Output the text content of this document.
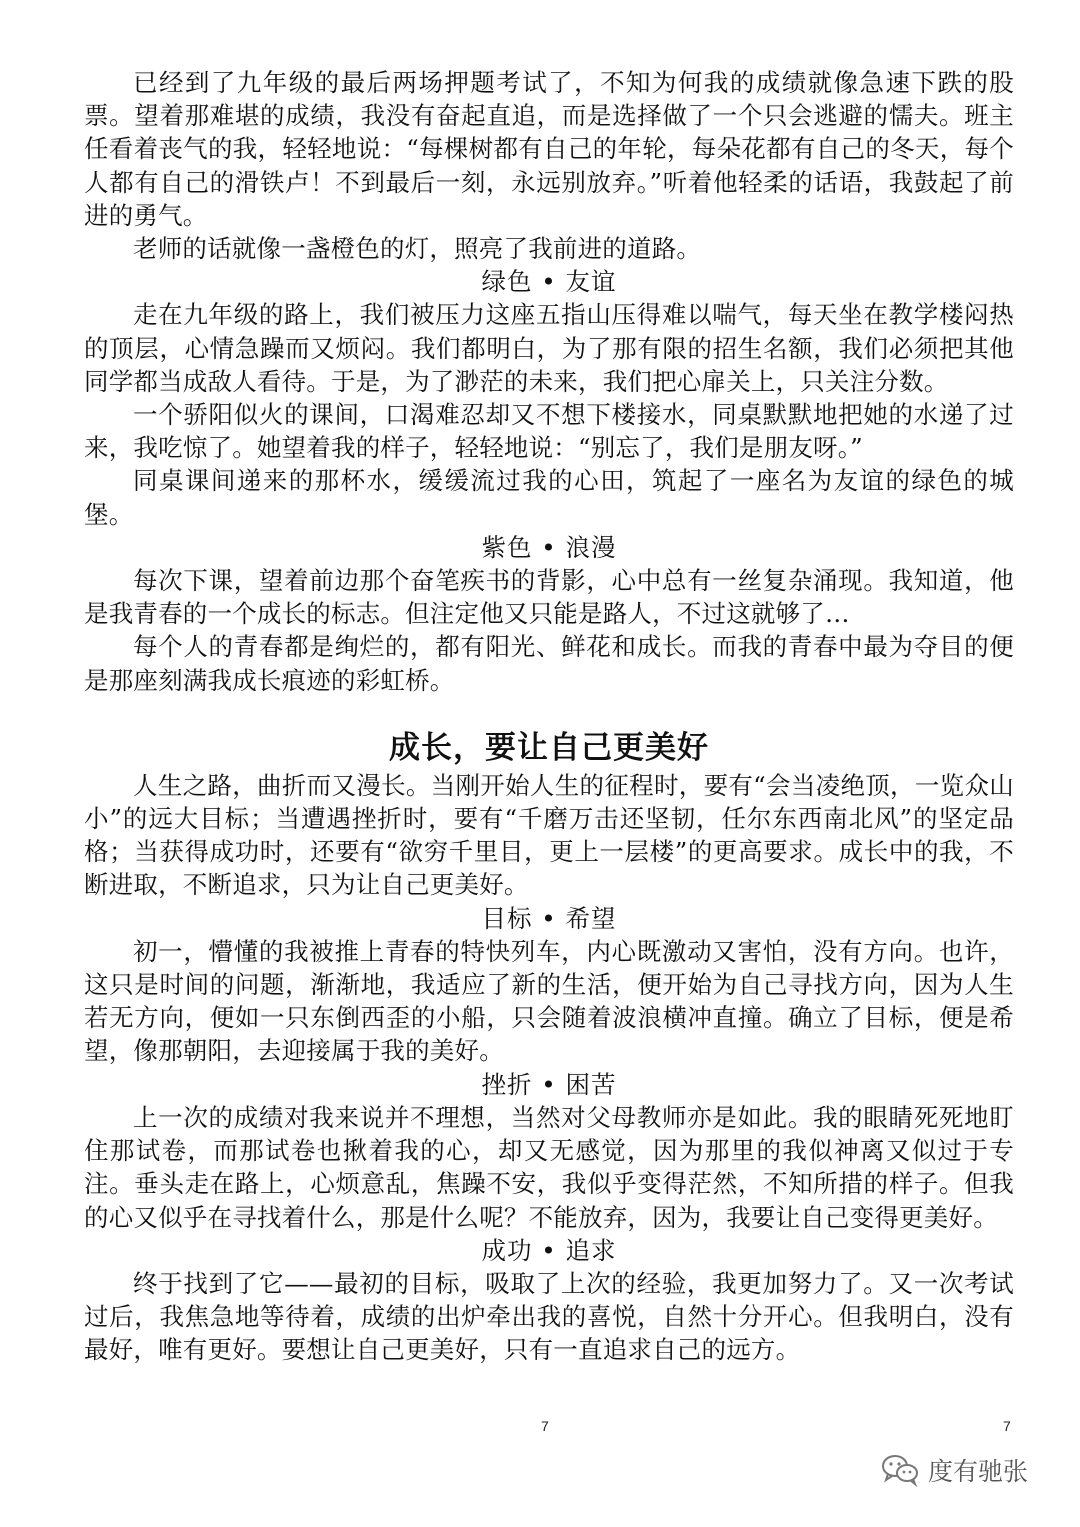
已经到了九年级的最后两场押题考试了，不知为何我的成绩就像急速下跌的股票。望着那难堪的成绩，我没有奋起直追，而是选择做了一个只会逃避的懦夫。班主任看着丧气的我，轻轻地说：“每棵树都有自己的年轮，每朵花都有自己的冬天，每个人都有自己的滑铁卢！不到最后一刻，永远别放弃。”听着他轻柔的话语，我鼓起了前进的勇气。

老师的话就像一盏橙色的灯，照亮了我前进的道路。

绿色 • 友谊

走在九年级的路上，我们被压力这座五指山压得难以喘气，每天坐在教学楼闷热的顶层，心情急躁而又烦闷。我们都明白，为了那有限的招生名额，我们必须把其他同学都当成敌人看待。于是，为了渺茫的未来，我们把心扉关上，只关注分数。

一个骄阳似火的课间，口渴难忍却又不想下楼接水，同桌默默地把她的水递了过来，我吃惊了。她望着我的样子，轻轻地说：“别忘了，我们是朋友呀。”

同桌课间递来的那杯水，缓缓流过我的心田，筑起了一座名为友谊的绿色的城堡。

紫色 • 浪漫

每次下课，望着前边那个奋笔疾书的背影，心中总有一丝复杂涌现。我知道，他是我青春的一个成长的标志。但注定他又只能是路人，不过这就够了…

每个人的青春都是绚烂的，都有阳光、鲜花和成长。而我的青春中最为夺目的便是那座刻满我成长痕迹的彩虹桥。

成长，要让自己更美好

人生之路，曲折而又漫长。当刚开始人生的征程时，要有“会当凌绝顶，一览众山小”的远大目标；当遭遇挫折时，要有“千磨万击还坚韧，任尔东西南北风”的坚定品格；当获得成功时，还要有“欲穷千里目，更上一层楼”的更高要求。成长中的我，不断进取，不断追求，只为让自己更美好。

目标 • 希望

初一，懵懂的我被推上青春的特快列车，内心既激动又害怕，没有方向。也许，这只是时间的问题，渐渐地，我适应了新的生活，便开始为自己寻找方向，因为人生若无方向，便如一只东倒西歪的小船，只会随着波浪横冲直撞。确立了目标，便是希望，像那朝阳，去迎接属于我的美好。

挫折 • 困苦

上一次的成绩对我来说并不理想，当然对父母教师亦是如此。我的眼睛死死地盯住那试卷，而那试卷也揪着我的心，却又无感觉，因为那里的我似神离又似过于专注。垂头走在路上，心烦意乱，焦躁不安，我似乎变得茫然，不知所措的样子。但我的心又似乎在寻找着什么，那是什么呢？不能放弃，因为，我要让自己变得更美好。

成功 • 追求

终于找到了它——最初的目标，吸取了上次的经验，我更加努力了。又一次考试过后，我焦急地等待着，成绩的出炉牵出我的喜悦，自然十分开心。但我明白，没有最好，唯有更好。要想让自己更美好，只有一直追求自己的远方。

7	7
度有驰张
